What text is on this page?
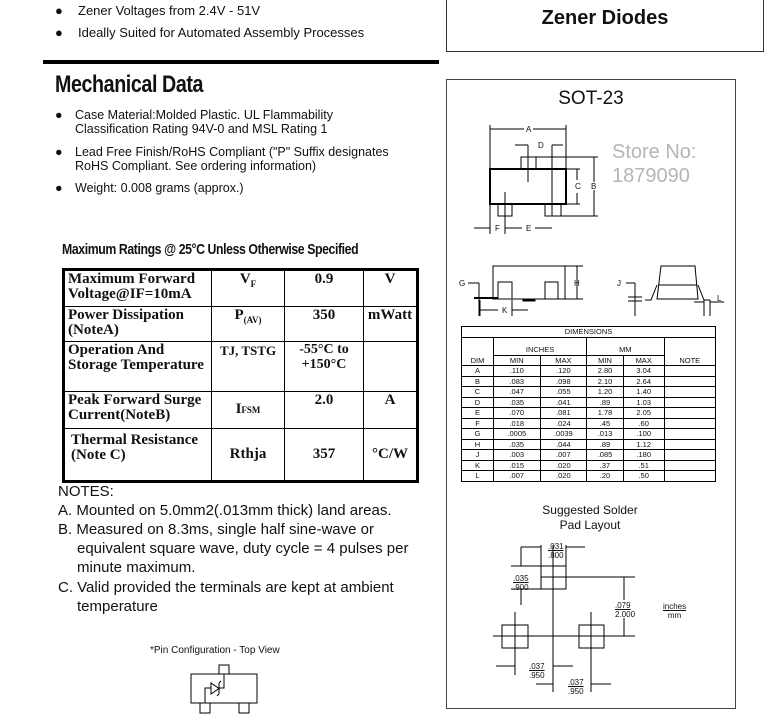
● Zener Voltages from 2.4V - 51V
● Ideally Suited for Automated Assembly Processes
Zener Diodes
Mechanical Data
● Case Material:Molded Plastic. UL Flammability
Classification Rating 94V-0 and MSL Rating 1
● Lead Free Finish/RoHS Compliant ("P" Suffix designates
RoHS Compliant. See ordering information)
● Weight: 0.008 grams (approx.)
Maximum Ratings @ 25°C Unless Otherwise Specified
Maximum Forward Voltage@IF=10mA	$V_F$	0.9	V
Power Dissipation (NoteA)	$P_{(AV)}$	350	mWatt
Operation And Storage Temperature	TJ, TSTG	-55°C to +150°C	
Peak Forward Surge Current(NoteB)	IFSM	2.0	A
Thermal Resistance (Note C)	Rthja	357	°C/W
NOTES:
A. Mounted on 5.0mm2(.013mm thick) land areas.
B. Measured on 8.3ms, single half sine-wave or
equivalent square wave, duty cycle = 4 pulses per
minute maximum.
C. Valid provided the terminals are kept at ambient
temperature
SOT-23
A
D
C B
F	E
G	H
K
J
L
DIMENSIONS					
DIM	INCHES		MM		NOTE
	MIN	MAX	MIN	MAX	
A	.110	.120	2.80	3.04	
B	.083	.098	2.10	2.64	
C	.047	.055	1.20	1.40	
D	.035	.041	.89	1.03	
E	.070	.081	1.78	2.05	
F	.018	.024	.45	.60	
G	.0005	.0039	.013	.100	
H	.035	.044	.89	1.12	
J	.003	.007	.085	.180	
K	.015	.020	.37	.51	
L	.007	.020	.20	.50	
Store No: 1879090
Suggested Solder
Pad Layout
.031
.800
.035
.900
.079
2.000
inches
mm
.037
.950
.037
.950
*Pin Configuration - Top View
